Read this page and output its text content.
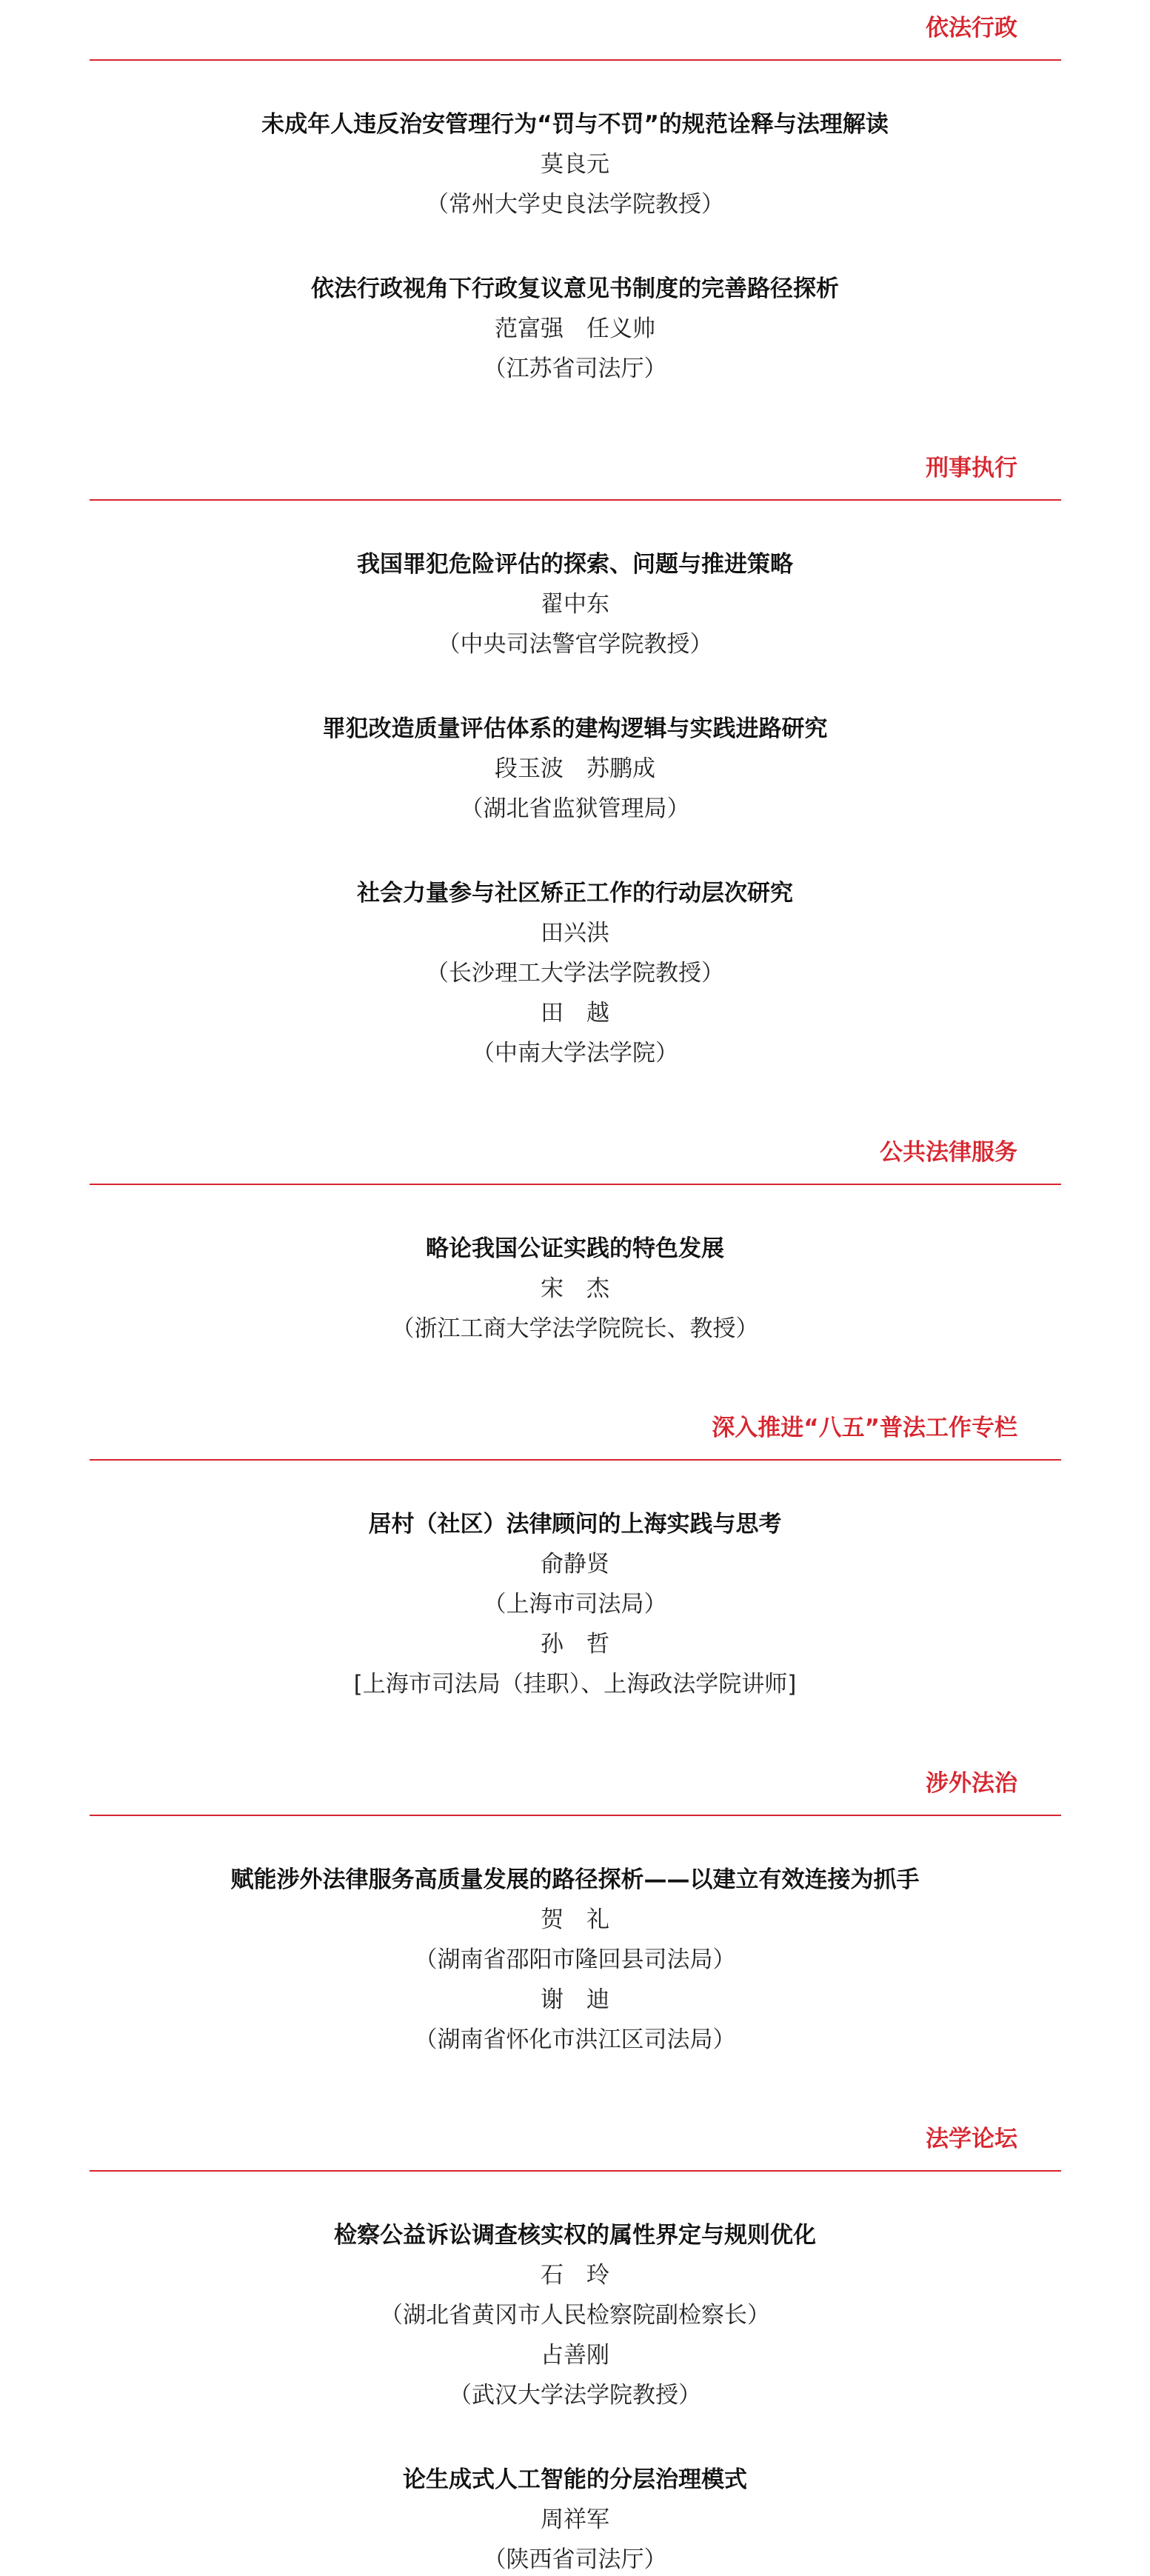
依法行政
未成年人违反治安管理行为“罚与不罚”的规范诠释与法理解读
莫良元
（常州大学史良法学院教授）
依法行政视角下行政复议意见书制度的完善路径探析
范富强　任义帅
（江苏省司法厅）
刑事执行
我国罪犯危险评估的探索、问题与推进策略
翟中东
（中央司法警官学院教授）
罪犯改造质量评估体系的建构逻辑与实践进路研究
段玉波　苏鹏成
（湖北省监狱管理局）
社会力量参与社区矫正工作的行动层次研究
田兴洪
（长沙理工大学法学院教授）
田　越
（中南大学法学院）
公共法律服务
略论我国公证实践的特色发展
宋　杰
（浙江工商大学法学院院长、教授）
深入推进“八五”普法工作专栏
居村（社区）法律顾问的上海实践与思考
俞静贤
（上海市司法局）
孙　哲
[上海市司法局（挂职）、上海政法学院讲师]
涉外法治
赋能涉外法律服务高质量发展的路径探析——以建立有效连接为抓手
贺　礼
（湖南省邵阳市隆回县司法局）
谢　迪
（湖南省怀化市洪江区司法局）
法学论坛
检察公益诉讼调查核实权的属性界定与规则优化
石　玲
（湖北省黄冈市人民检察院副检察长）
占善刚
（武汉大学法学院教授）
论生成式人工智能的分层治理模式
周祥军
（陕西省司法厅）
